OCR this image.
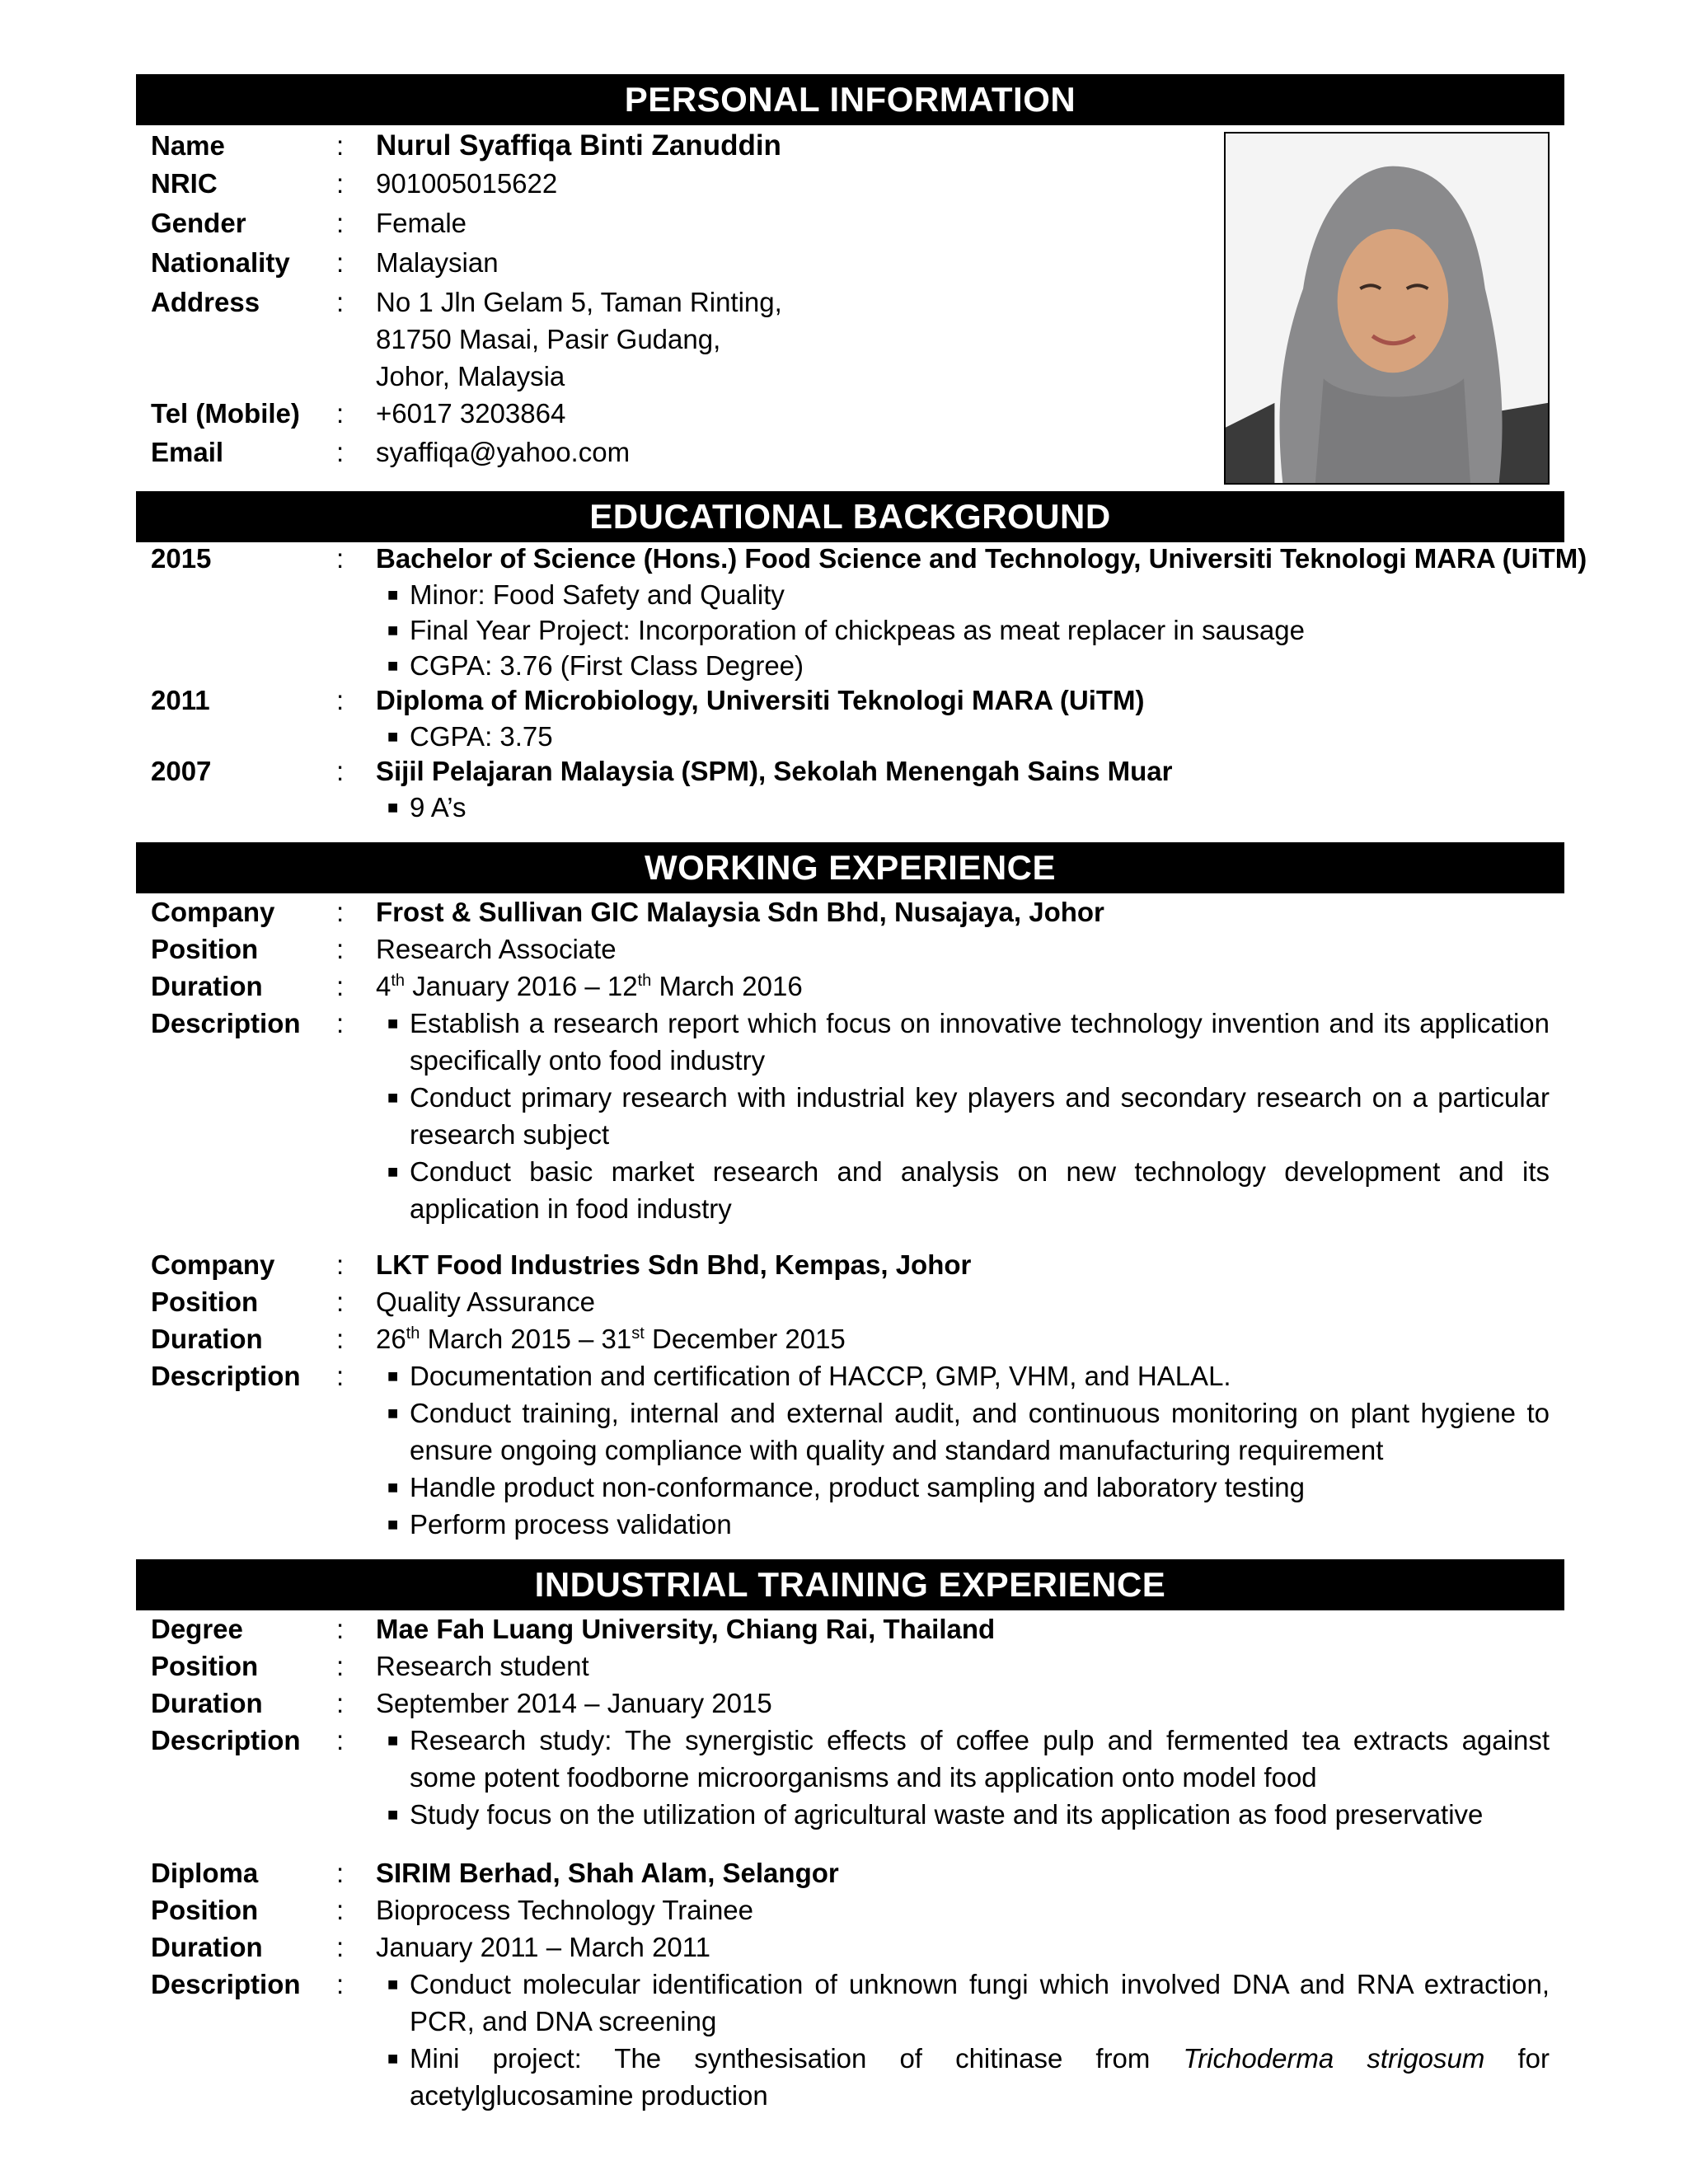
PERSONAL INFORMATION
Name	: Nurul Syaffiqa Binti Zanuddin
NRIC	: 901005015622
Gender	: Female
Nationality : Malaysian
Address	: No 1 Jln Gelam 5, Taman Rinting,
81750 Masai, Pasir Gudang,
Johor, Malaysia
Tel (Mobile) : +6017 3203864
Email	: syaffiqa@yahoo.com
EDUCATIONAL BACKGROUND
2015	: Bachelor of Science (Hons.) Food Science and Technology, Universiti Teknologi MARA (UiTM)
■ Minor: Food Safety and Quality
■ Final Year Project: Incorporation of chickpeas as meat replacer in sausage
■ CGPA: 3.76 (First Class Degree)
2011	: Diploma of Microbiology, Universiti Teknologi MARA (UiTM)
■ CGPA: 3.75
2007	: Sijil Pelajaran Malaysia (SPM), Sekolah Menengah Sains Muar
■ 9 A’s
WORKING EXPERIENCE
Company : Frost & Sullivan GIC Malaysia Sdn Bhd, Nusajaya, Johor
Position	: Research Associate
Duration	: 4th January 2016 – 12th March 2016
Description : ■ Establish a research report which focus on innovative technology invention and its application specifically onto food industry
■ Conduct primary research with industrial key players and secondary research on a particular research subject
■ Conduct basic market research and analysis on new technology development and its application in food industry
Company : LKT Food Industries Sdn Bhd, Kempas, Johor
Position	: Quality Assurance
Duration	: 26th March 2015 – 31st December 2015
Description : ■ Documentation and certification of HACCP, GMP, VHM, and HALAL.
■ Conduct training, internal and external audit, and continuous monitoring on plant hygiene to ensure ongoing compliance with quality and standard manufacturing requirement
■ Handle product non-conformance, product sampling and laboratory testing
■ Perform process validation
INDUSTRIAL TRAINING EXPERIENCE
Degree	: Mae Fah Luang University, Chiang Rai, Thailand
Position	: Research student
Duration	: September 2014 – January 2015
Description : ■ Research study: The synergistic effects of coffee pulp and fermented tea extracts against some potent foodborne microorganisms and its application onto model food
■ Study focus on the utilization of agricultural waste and its application as food preservative
Diploma	: SIRIM Berhad, Shah Alam, Selangor
Position	: Bioprocess Technology Trainee
Duration	: January 2011 – March 2011
Description : ■ Conduct molecular identification of unknown fungi which involved DNA and RNA extraction, PCR, and DNA screening
■ Mini project: The synthesisation of chitinase from Trichoderma strigosum for acetylglucosamine production
